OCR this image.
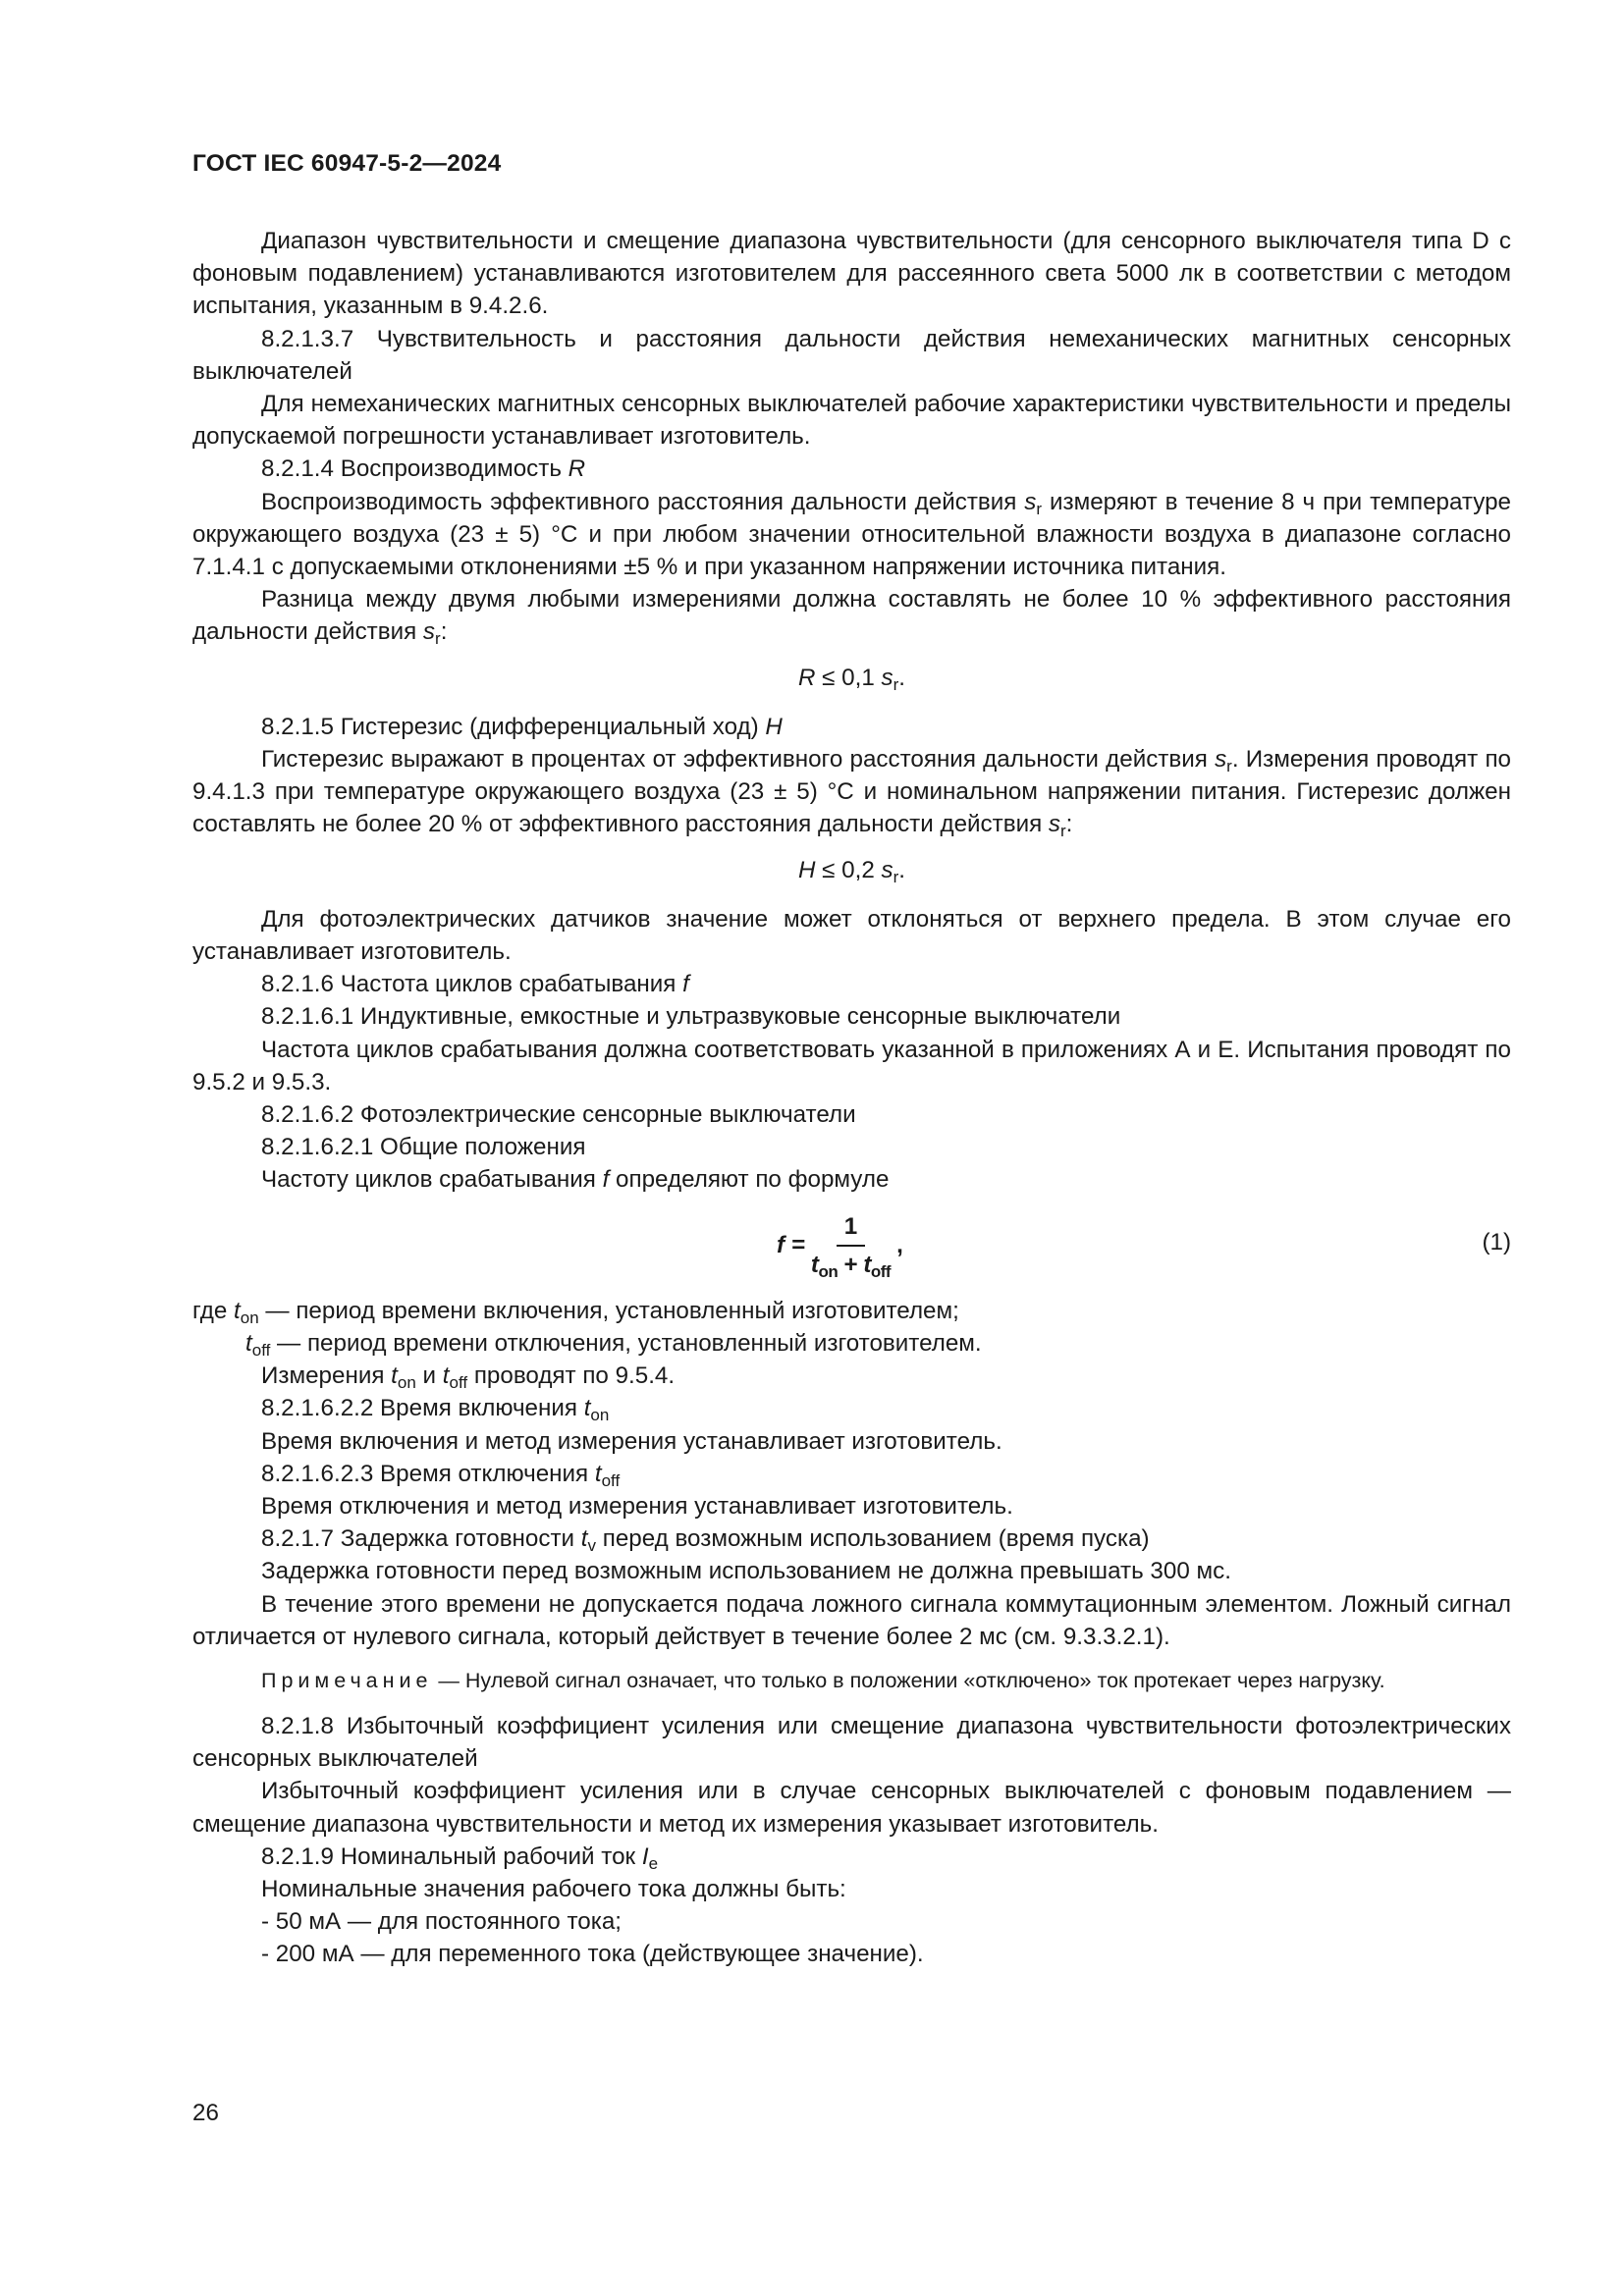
ГОСТ IEC 60947-5-2—2024

Диапазон чувствительности и смещение диапазона чувствительности (для сенсорного выключателя типа D с фоновым подавлением) устанавливаются изготовителем для рассеянного света 5000 лк в соответствии с методом испытания, указанным в 9.4.2.6.

8.2.1.3.7 Чувствительность и расстояния дальности действия немеханических магнитных сенсорных выключателей

Для немеханических магнитных сенсорных выключателей рабочие характеристики чувствительности и пределы допускаемой погрешности устанавливает изготовитель.

8.2.1.4 Воспроизводимость R

Воспроизводимость эффективного расстояния дальности действия $s_r$ измеряют в течение 8 ч при температуре окружающего воздуха (23 ± 5) °С и при любом значении относительной влажности воздуха в диапазоне согласно 7.1.4.1 с допускаемыми отклонениями ±5 % и при указанном напряжении источника питания.

Разница между двумя любыми измерениями должна составлять не более 10 % эффективного расстояния дальности действия $s_r$:

R ≤ 0,1 $s_r$.

8.2.1.5 Гистерезис (дифференциальный ход) H

Гистерезис выражают в процентах от эффективного расстояния дальности действия $s_r$. Измерения проводят по 9.4.1.3 при температуре окружающего воздуха (23 ± 5) °С и номинальном напряжении питания. Гистерезис должен составлять не более 20 % от эффективного расстояния дальности действия $s_r$:

H ≤ 0,2 $s_r$.

Для фотоэлектрических датчиков значение может отклоняться от верхнего предела. В этом случае его устанавливает изготовитель.

8.2.1.6 Частота циклов срабатывания f

8.2.1.6.1 Индуктивные, емкостные и ультразвуковые сенсорные выключатели

Частота циклов срабатывания должна соответствовать указанной в приложениях А и Е. Испытания проводят по 9.5.2 и 9.5.3.

8.2.1.6.2 Фотоэлектрические сенсорные выключатели

8.2.1.6.2.1 Общие положения

Частоту циклов срабатывания f определяют по формуле

$f = \frac{1}{t_{on} + t_{off}}$ ,	(1)

где $t_{on}$ — период времени включения, установленный изготовителем;

$t_{off}$ — период времени отключения, установленный изготовителем.

Измерения $t_{on}$ и $t_{off}$ проводят по 9.5.4.

8.2.1.6.2.2 Время включения $t_{on}$

Время включения и метод измерения устанавливает изготовитель.

8.2.1.6.2.3 Время отключения $t_{off}$

Время отключения и метод измерения устанавливает изготовитель.

8.2.1.7 Задержка готовности $t_v$ перед возможным использованием (время пуска)

Задержка готовности перед возможным использованием не должна превышать 300 мс.

В течение этого времени не допускается подача ложного сигнала коммутационным элементом. Ложный сигнал отличается от нулевого сигнала, который действует в течение более 2 мс (см. 9.3.3.2.1).

Примечание — Нулевой сигнал означает, что только в положении «отключено» ток протекает через нагрузку.

8.2.1.8 Избыточный коэффициент усиления или смещение диапазона чувствительности фотоэлектрических сенсорных выключателей

Избыточный коэффициент усиления или в случае сенсорных выключателей с фоновым подавлением — смещение диапазона чувствительности и метод их измерения указывает изготовитель.

8.2.1.9 Номинальный рабочий ток $I_e$

Номинальные значения рабочего тока должны быть:

- 50 мА — для постоянного тока;

- 200 мА — для переменного тока (действующее значение).

26
